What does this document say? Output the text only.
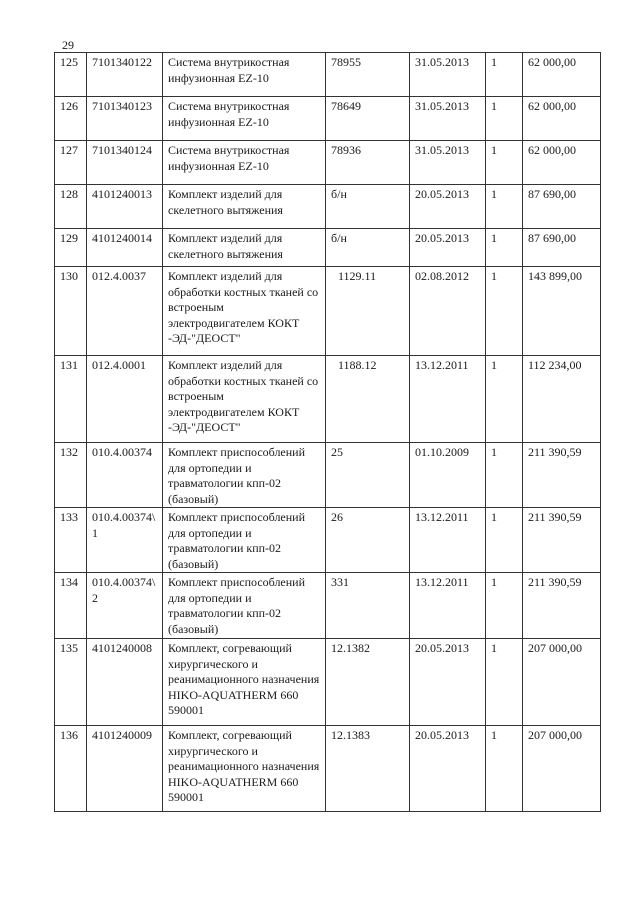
29
125	7101340122	Система внутрикостная инфузионная EZ-10	78955	31.05.2013	1	62 000,00
126	7101340123	Система внутрикостная инфузионная EZ-10	78649	31.05.2013	1	62 000,00
127	7101340124	Система внутрикостная инфузионная EZ-10	78936	31.05.2013	1	62 000,00
128	4101240013	Комплект изделий для скелетного вытяжения	б/н	20.05.2013	1	87 690,00
129	4101240014	Комплект изделий для скелетного вытяжения	б/н	20.05.2013	1	87 690,00
130	012.4.0037	Комплект изделий для обработки костных тканей со встроеным электродвигателем КОКТ -ЭД-"ДЕОСТ"	1129.11	02.08.2012	1	143 899,00
131	012.4.0001	Комплект изделий для обработки костных тканей со встроеным электродвигателем КОКТ -ЭД-"ДЕОСТ"	1188.12	13.12.2011	1	112 234,00
132	010.4.00374	Комплект приспособлений для ортопедии и травматологии кпп-02 (базовый)	25	01.10.2009	1	211 390,59
133	010.4.00374\1	Комплект приспособлений для ортопедии и травматологии кпп-02 (базовый)	26	13.12.2011	1	211 390,59
134	010.4.00374\2	Комплект приспособлений для ортопедии и травматологии кпп-02 (базовый)	331	13.12.2011	1	211 390,59
135	4101240008	Комплект, согревающий хирургического и реанимационного назначения HIKO-AQUATHERM 660 590001	12.1382	20.05.2013	1	207 000,00
136	4101240009	Комплект, согревающий хирургического и реанимационного назначения HIKO-AQUATHERM 660 590001	12.1383	20.05.2013	1	207 000,00
